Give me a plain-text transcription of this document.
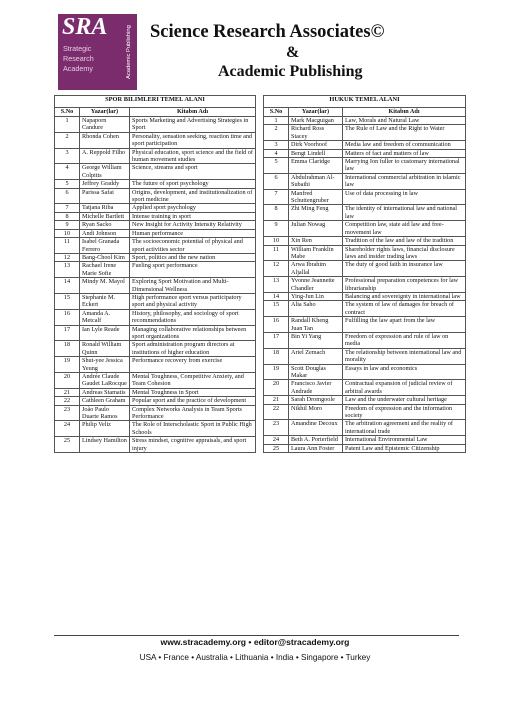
SRA
Strategic
Research
Academy	Academic Publishing Science Research Associates©
&
Academic Publishing
SPOR BILIMLERI TEMEL ALANI		
S.No	Yazar(lar)	Kitabın Adı
1	Napaporn Candure	Sports Marketing and Advertising Strategies in Sport
2	Rhonda Cohen	Personality, sensation seeking, reaction time and sport participation
3	A. Reppold Filho	Physical education, sport science and the field of human movement studies
4	George William Colpitts	Science, streams and sport
5	Jeffrey Graddy	The future of sport psychology
6	Parissa Safai	Origins, development, and institutionalization of sport medicine
7	Tatjana Riba	Applied sport psychology
8	Michelle Bartlett	Intense training in sport
9	Ryan Sacko	New Insight for Activity Intensity Relativity
10	Andi Johnson	Human performance
11	Isabel Granada Ferrero	The socioeconomic potential of physical and sport activities sector
12	Bang-Chool Kim	Sport, politics and the new nation
13	Rachael Irene Marie Sofie	Fueling sport performance
14	Mindy M. Mayol	Exploring Sport Motivation and Multi-Dimensional Wellness
15	Stephanie M. Eckert	High performance sport versus participatory sport and physical activity
16	Amanda A. Metcalf	History, philosophy, and sociology of sport recommendations
17	Ian Lyle Reade	Managing collaborative relationships between sport organizations
18	Ronald William Quinn	Sport administration program directors at institutions of higher education
19	Shut-yee Jessica Yeung	Performance recovery from exercise
20	Andrée Claude Gaudet LaRocque	Mental Toughness, Competitive Anxiety, and Team Cohesion
21	Andreas Stamatis	Mental Toughness in Sport
22	Cathleen Graham	Popular sport and the practice of development
23	João Paulo Duarte Ramos	Complex Networks Analysis in Team Sports Performance
24	Philip Veliz	The Role of Interscholastic Sport in Public High Schools
25	Lindsey Hamilton	Stress mindset, cognitive appraisals, and sport injury
HUKUK TEMEL ALANI		
S.No	Yazar(lar)	Kitabın Adı
1	Mark Macguigan	Law, Morals and Natural Law
2	Richard Ross Stacey	The Rule of Law and the Right to Water
3	Dirk Voorhoof	Media law and freedom of communication
4	Bengt Lindell	Matters of fact and matters of law
5	Emma Claridge	Marrying Ion fuller to customary international law
6	Abdulrahman Al-Subaihi	International commercial arbitration in islamic law
7	Manfred Schuttengruber	Use of data processing in law
8	Zhi Ming Feng	The identity of international law and national law
9	Julian Nowag	Competition law, state aid law and free-movement law
10	Xin Ren	Tradition of the law and law of the tradition
11	William Franklin Mabe	Shareholder rights laws, financial disclosure laws and insider trading laws
12	Arwa Ibrahim Aljallal	The duty of good faith in insurance law
13	Yvonne Jeannette Chandler	Professional preparation competences for law librarianship
14	Ying-Jun Lin	Balancing and sovereignty in international law
15	Alia Saho	The system of law of damages for breach of contract
16	Randall Kheng Juan Tan	Fulfilling the law apart from the law
17	Bin Yi Yang	Freedom of expression and rule of law on media
18	Ariel Zemach	The relationship between international law and morality
19	Scott Douglas Makar	Essays in law and economics
20	Francisco Javier Andrade	Contractual expansion of judicial review of arbitral awards
21	Sarah Dromgoole	Law and the underwater cultural heritage
22	Nikhil Moro	Freedom of expression and the information society
23	Amandine Decoux	The arbitration agreement and the reality of international trade
24	Beth A. Porterfield	International Environmental Law
25	Laura Ann Foster	Patent Law and Epistemic Citizenship
www.stracademy.org • editor@stracademy.org
USA • France • Australia • Lithuania • India • Singapore • Turkey
